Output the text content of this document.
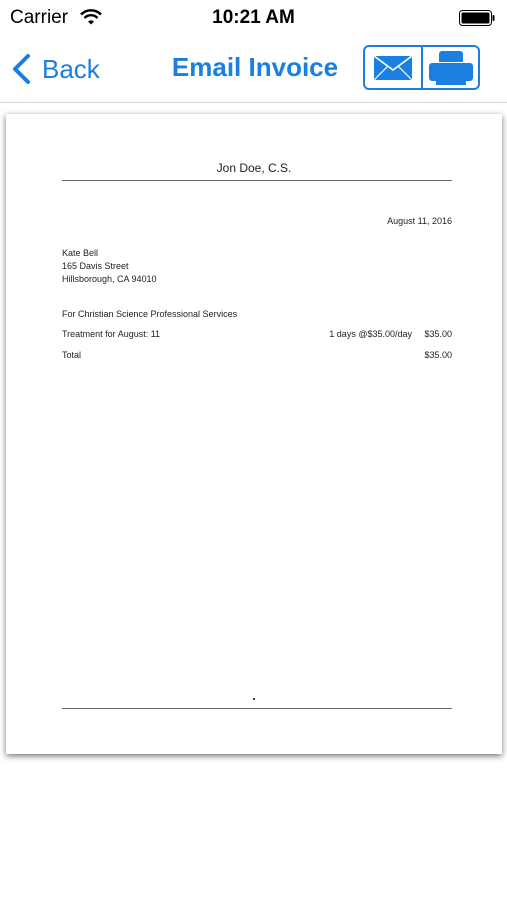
Carrier	10:21 AM
Back	Email Invoice
Jon Doe, C.S.
August 11, 2016
Kate Bell
165 Davis Street
Hillsborough, CA 94010
For Christian Science Professional Services
Treatment for August: 11	1 days @$35.00/day	$35.00
Total	$35.00
